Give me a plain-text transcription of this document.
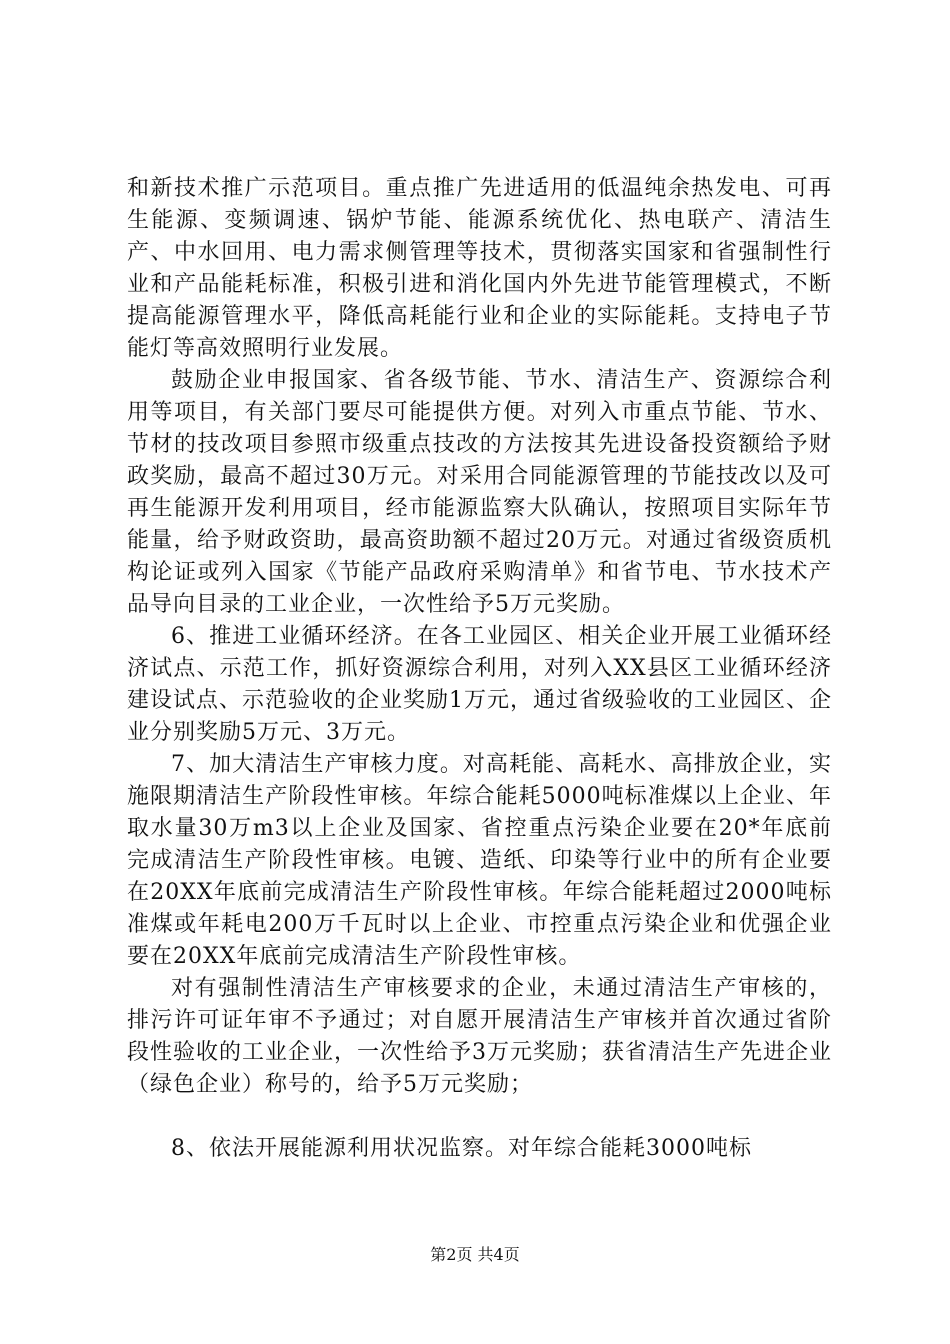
和新技术推广示范项目。重点推广先进适用的低温纯余热发电、可再生能源、变频调速、锅炉节能、能源系统优化、热电联产、清洁生产、中水回用、电力需求侧管理等技术，贯彻落实国家和省强制性行业和产品能耗标准，积极引进和消化国内外先进节能管理模式，不断提高能源管理水平，降低高耗能行业和企业的实际能耗。支持电子节能灯等高效照明行业发展。

鼓励企业申报国家、省各级节能、节水、清洁生产、资源综合利用等项目，有关部门要尽可能提供方便。对列入市重点节能、节水、节材的技改项目参照市级重点技改的方法按其先进设备投资额给予财政奖励，最高不超过30万元。对采用合同能源管理的节能技改以及可再生能源开发利用项目，经市能源监察大队确认，按照项目实际年节能量，给予财政资助，最高资助额不超过20万元。对通过省级资质机构论证或列入国家《节能产品政府采购清单》和省节电、节水技术产品导向目录的工业企业，一次性给予5万元奖励。

6、推进工业循环经济。在各工业园区、相关企业开展工业循环经济试点、示范工作，抓好资源综合利用，对列入XX县区工业循环经济建设试点、示范验收的企业奖励1万元，通过省级验收的工业园区、企业分别奖励5万元、3万元。

7、加大清洁生产审核力度。对高耗能、高耗水、高排放企业，实施限期清洁生产阶段性审核。年综合能耗5000吨标准煤以上企业、年取水量30万m3以上企业及国家、省控重点污染企业要在20*年底前完成清洁生产阶段性审核。电镀、造纸、印染等行业中的所有企业要在20XX年底前完成清洁生产阶段性审核。年综合能耗超过2000吨标准煤或年耗电200万千瓦时以上企业、市控重点污染企业和优强企业要在20XX年底前完成清洁生产阶段性审核。

对有强制性清洁生产审核要求的企业，未通过清洁生产审核的，排污许可证年审不予通过；对自愿开展清洁生产审核并首次通过省阶段性验收的工业企业，一次性给予3万元奖励；获省清洁生产先进企业（绿色企业）称号的，给予5万元奖励；

8、依法开展能源利用状况监察。对年综合能耗3000吨标

第2页 共4页
